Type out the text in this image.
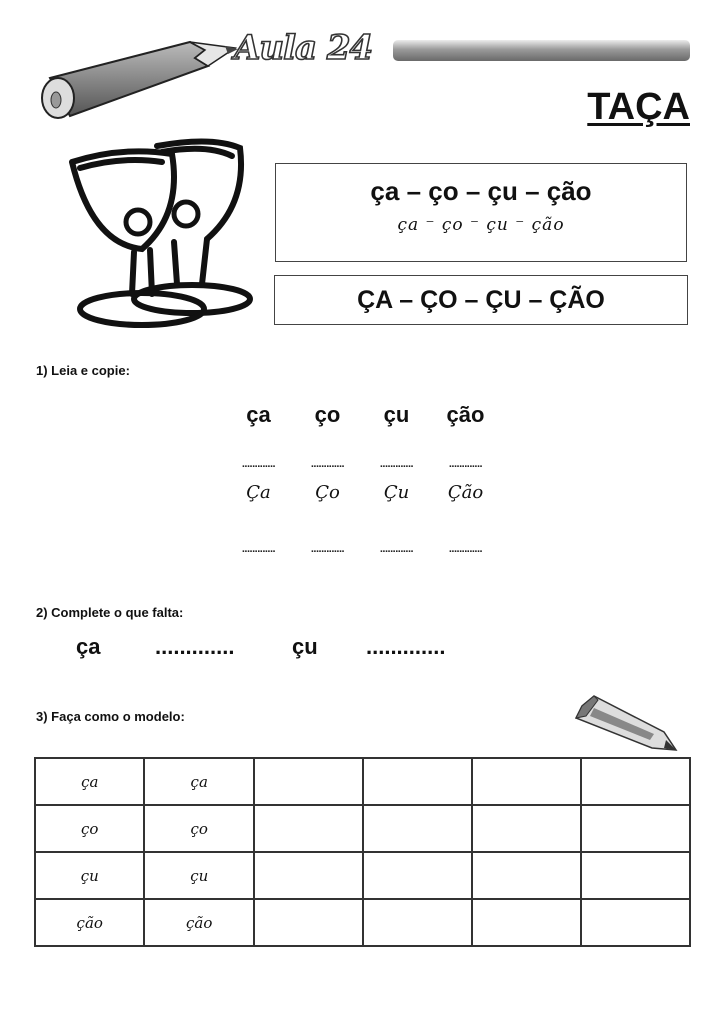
Aula 24
TAÇA
ça – ço – çu – ção
ça ⁻ ço ⁻ çu ⁻ ção
ÇA – ÇO – ÇU – ÇÃO
1) Leia e copie:
ça	ço	çu	ção
.............	.............	.............	.............
Ça	Ço	Çu	Ção
.............	.............	.............	.............
2) Complete o que falta:
ça .............	çu .............
3) Faça como o modelo:
ça	ça				
ço	ço				
çu	çu				
ção	ção				
